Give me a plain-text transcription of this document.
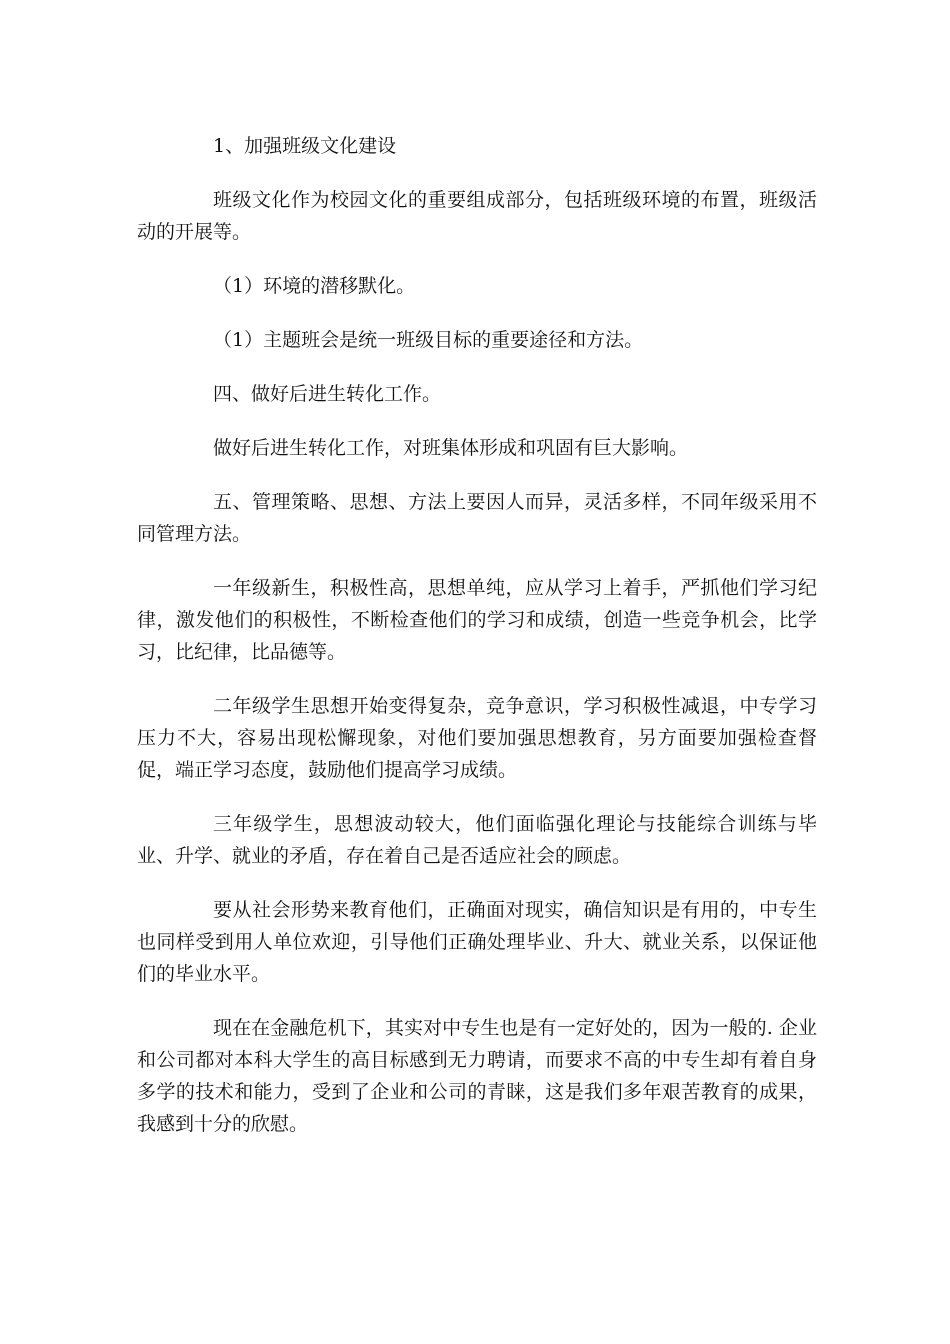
1、加强班级文化建设

班级文化作为校园文化的重要组成部分，包括班级环境的布置，班级活动的开展等。

（1）环境的潜移默化。

（1）主题班会是统一班级目标的重要途径和方法。

四、做好后进生转化工作。

做好后进生转化工作，对班集体形成和巩固有巨大影响。

五、管理策略、思想、方法上要因人而异，灵活多样，不同年级采用不同管理方法。

一年级新生，积极性高，思想单纯，应从学习上着手，严抓他们学习纪律，激发他们的积极性，不断检查他们的学习和成绩，创造一些竞争机会，比学习，比纪律，比品德等。

二年级学生思想开始变得复杂，竞争意识，学习积极性减退，中专学习压力不大，容易出现松懈现象，对他们要加强思想教育，另方面要加强检查督促，端正学习态度，鼓励他们提高学习成绩。

三年级学生，思想波动较大，他们面临强化理论与技能综合训练与毕业、升学、就业的矛盾，存在着自己是否适应社会的顾虑。

要从社会形势来教育他们，正确面对现实，确信知识是有用的，中专生也同样受到用人单位欢迎，引导他们正确处理毕业、升大、就业关系，以保证他们的毕业水平。

现在在金融危机下，其实对中专生也是有一定好处的，因为一般的. 企业和公司都对本科大学生的高目标感到无力聘请，而要求不高的中专生却有着自身多学的技术和能力，受到了企业和公司的青睐，这是我们多年艰苦教育的成果，我感到十分的欣慰。
